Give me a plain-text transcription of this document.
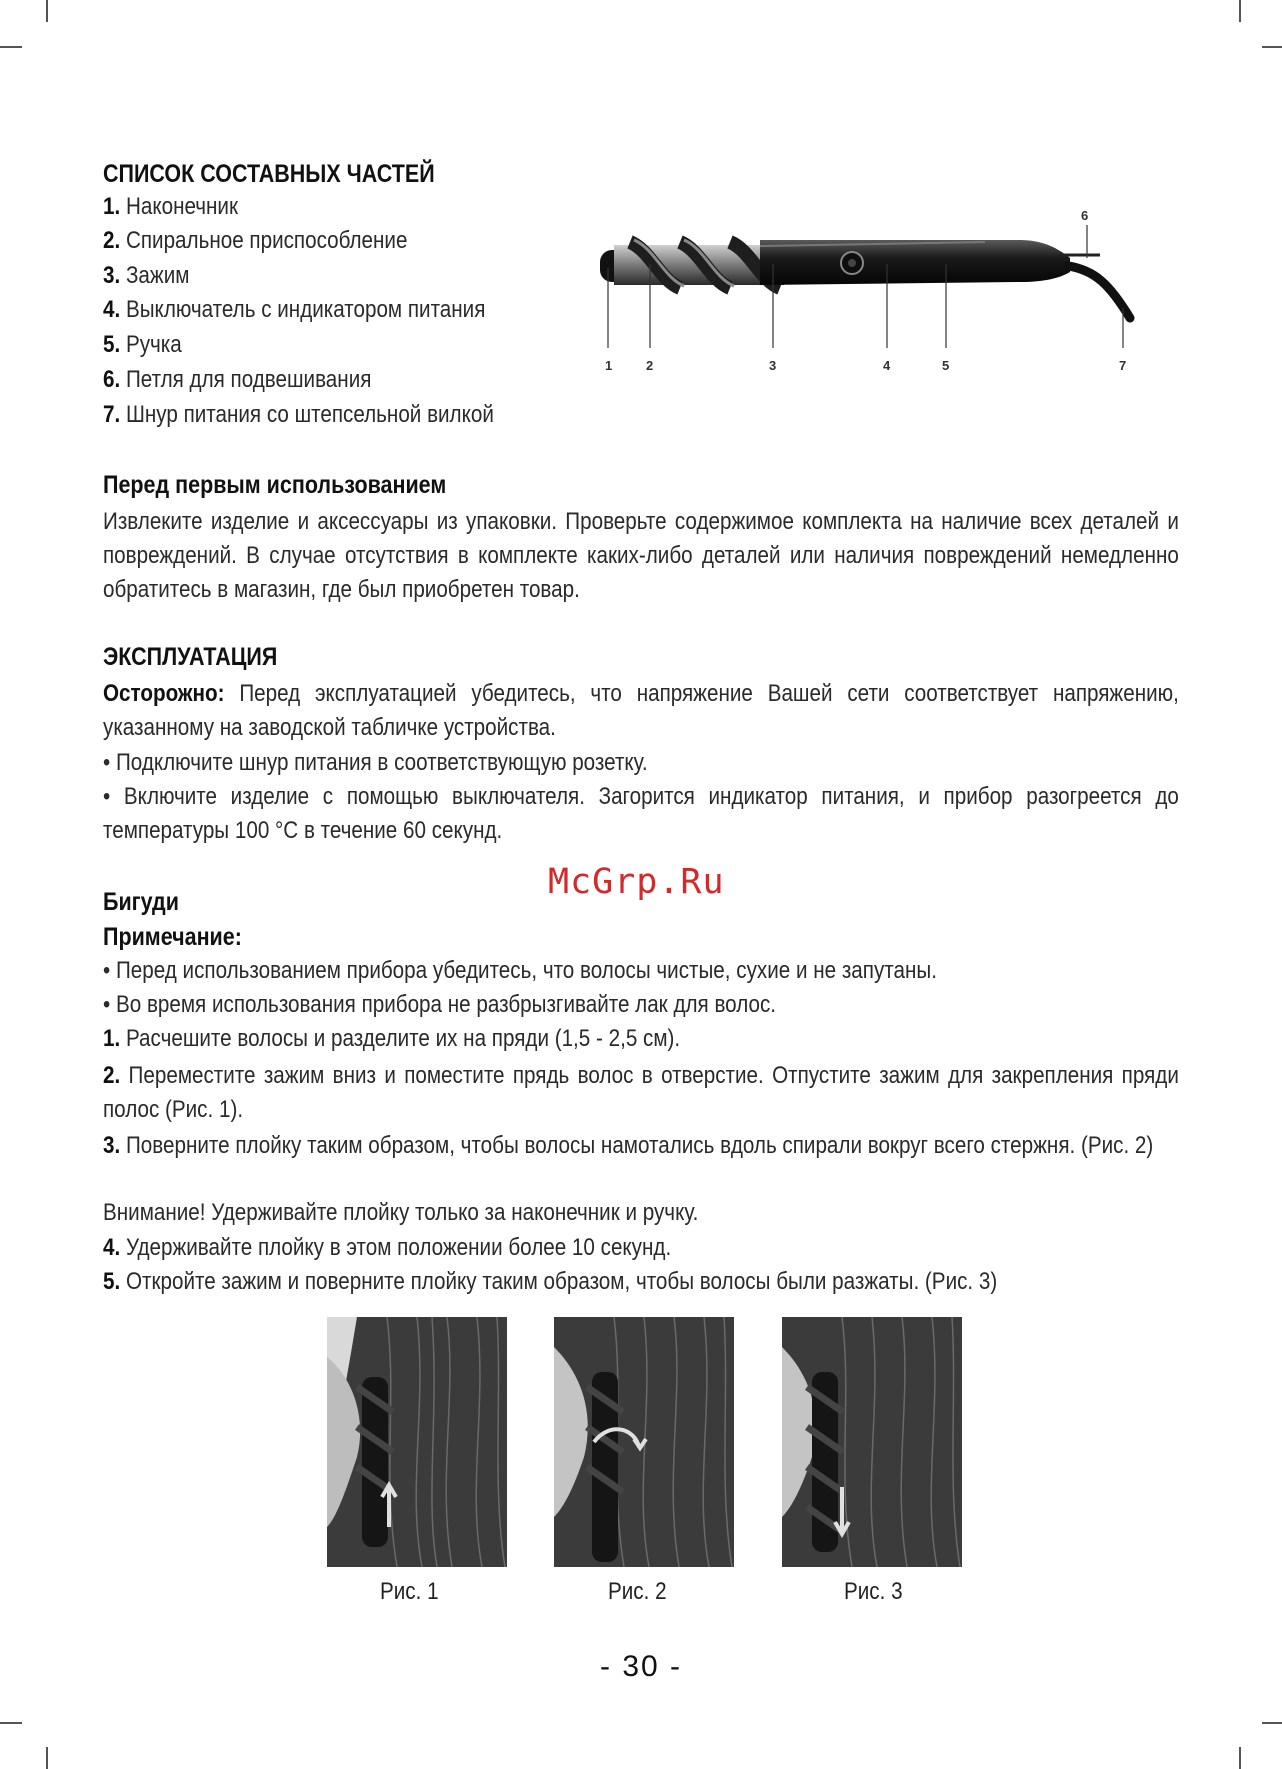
СПИСОК СОСТАВНЫХ ЧАСТЕЙ
1. Наконечник
2. Спиральное приспособление
3. Зажим
4. Выключатель с индикатором питания
5. Ручка
6. Петля для подвешивания
7. Шнур питания со штепсельной вилкой
1	2	3	4	5
6
7
Перед первым использованием
Извлеките изделие и аксессуары из упаковки. Проверьте содержимое комплекта на наличие всех деталей и повреждений. В случае отсутствия в комплекте каких-либо деталей или наличия повреждений немедленно обратитесь в магазин, где был приобретен товар.
ЭКСПЛУАТАЦИЯ
Осторожно: Перед эксплуатацией убедитесь, что напряжение Вашей сети соответствует напряжению, указанному на заводской табличке устройства.
• Подключите шнур питания в соответствующую розетку.
• Включите изделие с помощью выключателя. Загорится индикатор питания, и прибор разогреется до температуры 100 °С в течение 60 секунд.
McGrp.Ru
Бигуди
Примечание:
• Перед использованием прибора убедитесь, что волосы чистые, сухие и не запутаны.
• Во время использования прибора не разбрызгивайте лак для волос.
1. Расчешите волосы и разделите их на пряди (1,5 - 2,5 см).
2. Переместите зажим вниз и поместите прядь волос в отверстие. Отпустите зажим для закрепления пряди полос (Рис. 1).
3. Поверните плойку таким образом, чтобы волосы намотались вдоль спирали вокруг всего стержня. (Рис. 2)
Внимание! Удерживайте плойку только за наконечник и ручку.
4. Удерживайте плойку в этом положении более 10 секунд.
5. Откройте зажим и поверните плойку таким образом, чтобы волосы были разжаты. (Рис. 3)
Рис. 1	Рис. 2	Рис. 3
- 30 -
